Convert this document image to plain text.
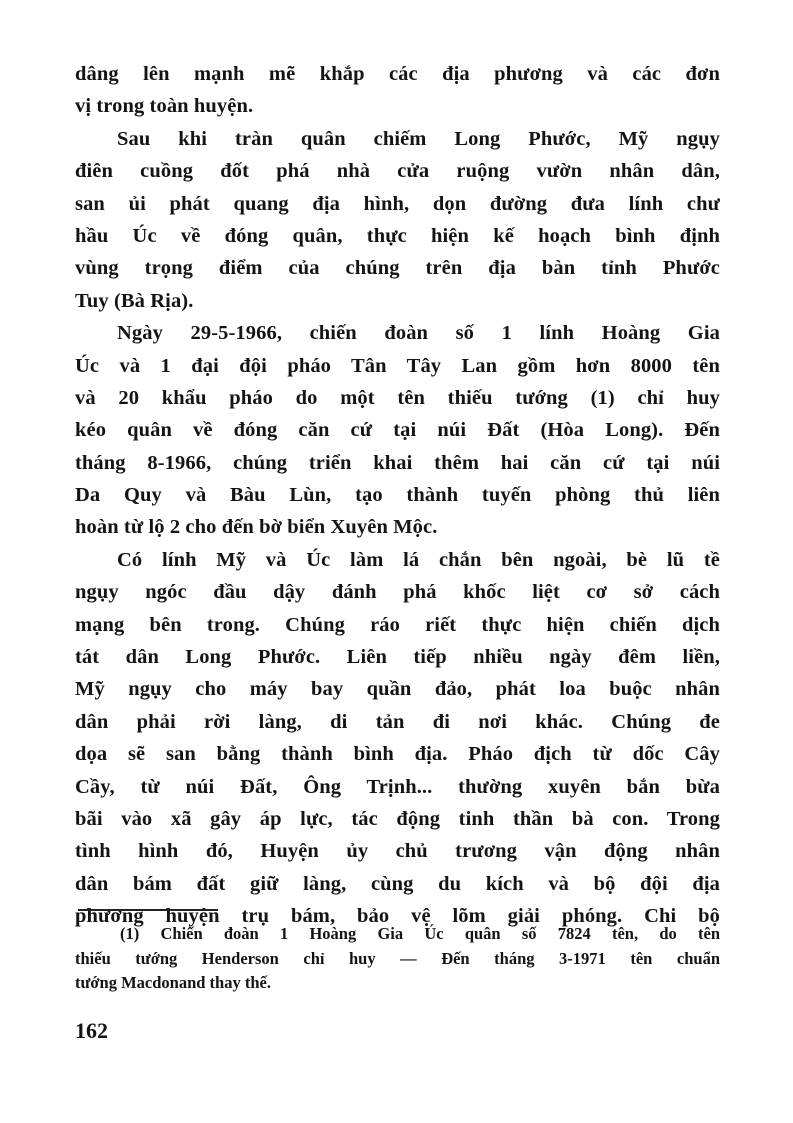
dâng lên mạnh mẽ khắp các địa phương và các đơn
vị trong toàn huyện.
Sau khi tràn quân chiếm Long Phước, Mỹ ngụy
điên cuồng đốt phá nhà cửa ruộng vườn nhân dân,
san ủi phát quang địa hình, dọn đường đưa lính chư
hầu Úc về đóng quân, thực hiện kế hoạch bình định
vùng trọng điểm của chúng trên địa bàn tỉnh Phước
Tuy (Bà Rịa).
Ngày 29-5-1966, chiến đoàn số 1 lính Hoàng Gia
Úc và 1 đại đội pháo Tân Tây Lan gồm hơn 8000 tên
và 20 khẩu pháo do một tên thiếu tướng (1) chỉ huy
kéo quân về đóng căn cứ tại núi Đất (Hòa Long). Đến
tháng 8-1966, chúng triển khai thêm hai căn cứ tại núi
Da Quy và Bàu Lùn, tạo thành tuyến phòng thủ liên
hoàn từ lộ 2 cho đến bờ biển Xuyên Mộc.
Có lính Mỹ và Úc làm lá chắn bên ngoài, bè lũ tề
ngụy ngóc đầu dậy đánh phá khốc liệt cơ sở cách
mạng bên trong. Chúng ráo riết thực hiện chiến dịch
tát dân Long Phước. Liên tiếp nhiều ngày đêm liền,
Mỹ ngụy cho máy bay quần đảo, phát loa buộc nhân
dân phải rời làng, di tản đi nơi khác. Chúng đe
dọa sẽ san bằng thành bình địa. Pháo địch từ dốc Cây
Cầy, từ núi Đất, Ông Trịnh... thường xuyên bắn bừa
bãi vào xã gây áp lực, tác động tinh thần bà con. Trong
tình hình đó, Huyện ủy chủ trương vận động nhân
dân bám đất giữ làng, cùng du kích và bộ đội địa
phương huyện trụ bám, bảo vệ lõm giải phóng. Chi bộ
(1) Chiến đoàn 1 Hoàng Gia Úc quân số 7824 tên, do tên
thiếu tướng Henderson chỉ huy — Đến tháng 3-1971 tên chuẩn
tướng Macdonand thay thế.
162
